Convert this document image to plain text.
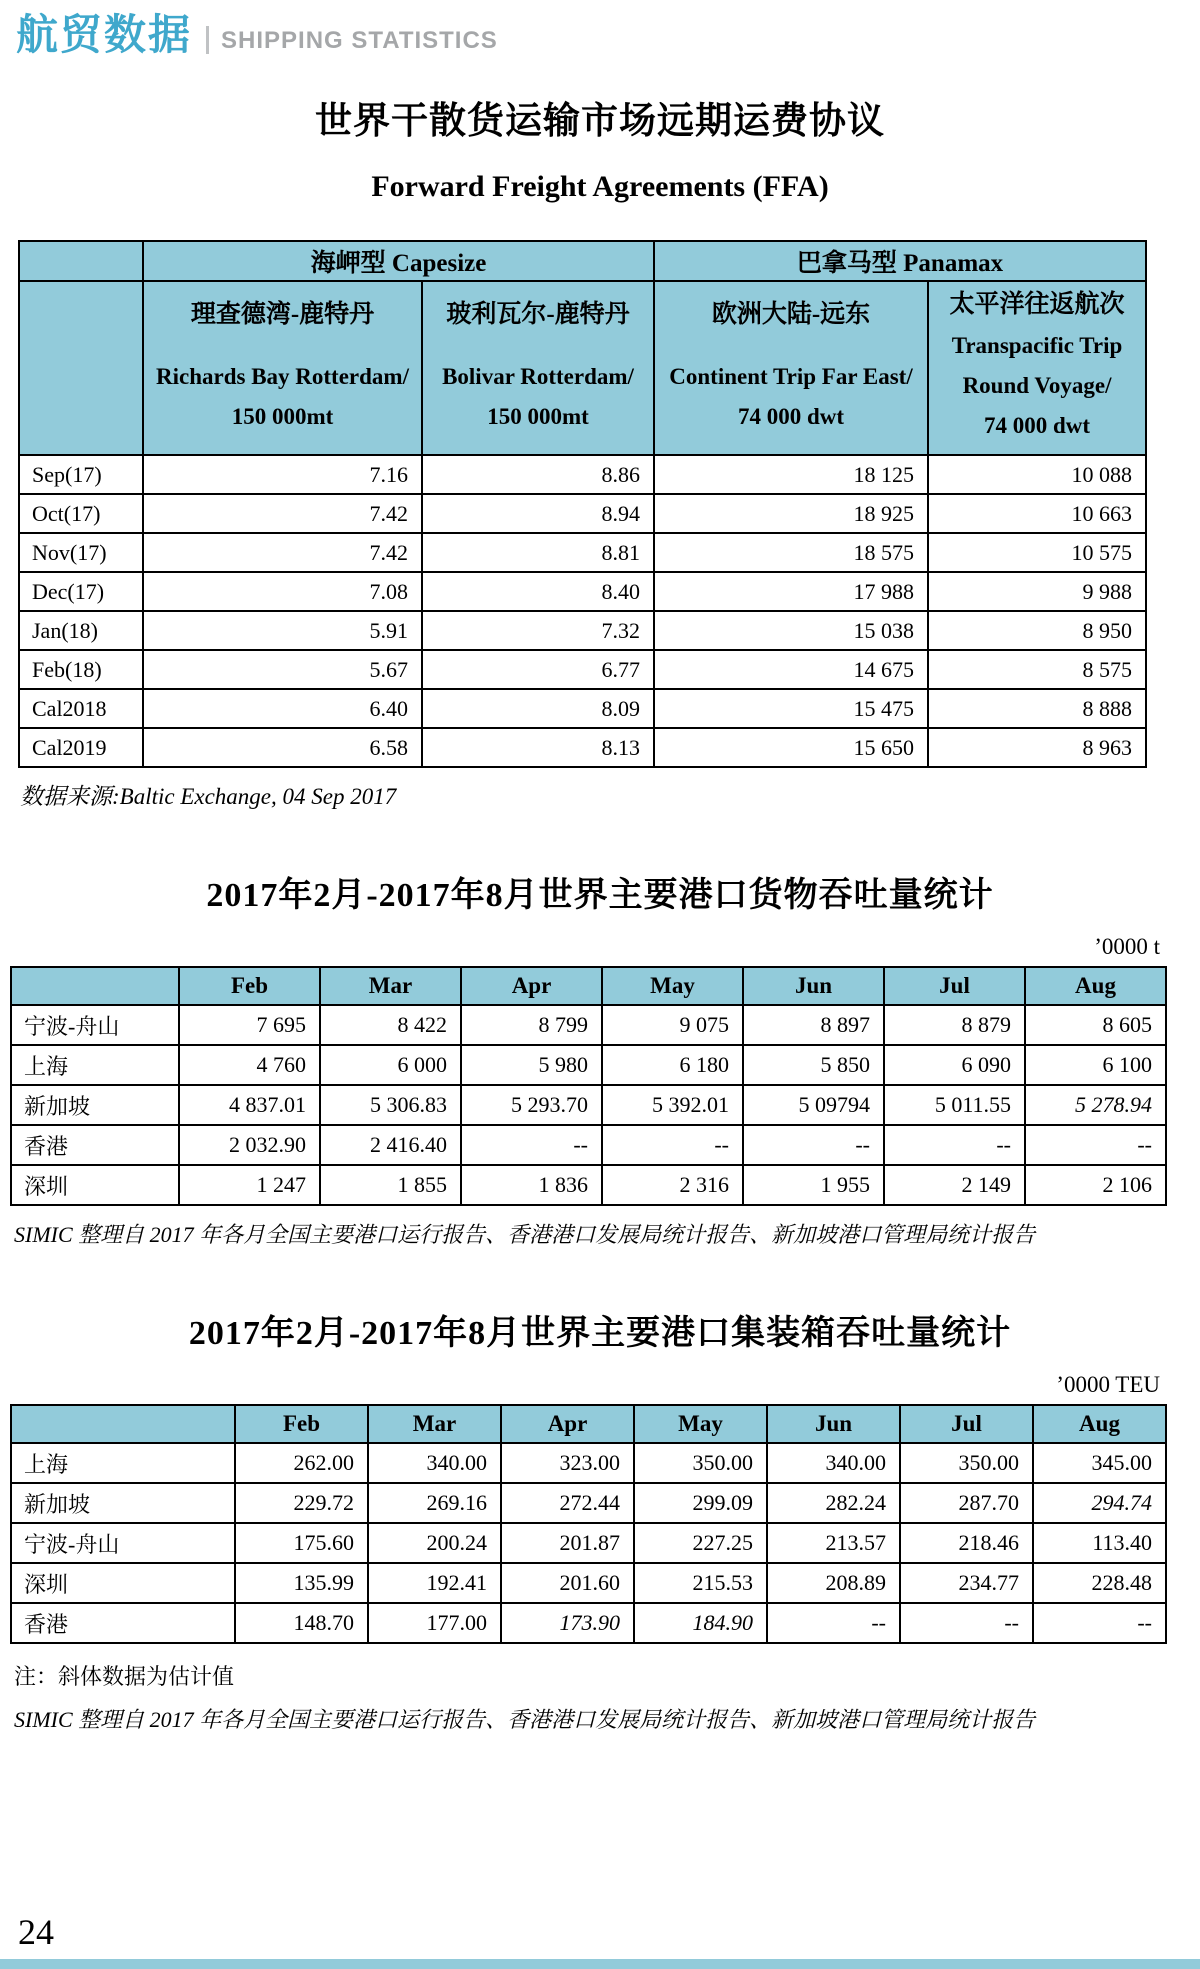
航贸数据 SHIPPING STATISTICS
世界干散货运输市场远期运费协议
Forward Freight Agreements (FFA)
	海岬型 Capesize		巴拿马型 Panamax	

理查德湾-鹿特丹
Richards Bay Rotterdam/
150 000mt

玻利瓦尔-鹿特丹
Bolivar Rotterdam/
150 000mt

欧洲大陆-远东
Continent Trip Far East/
74 000 dwt

太平洋往返航次
Transpacific Trip
Round Voyage/
74 000 dwt

Sep(17)	7.16	8.86	18 125	10 088
Oct(17)	7.42	8.94	18 925	10 663
Nov(17)	7.42	8.81	18 575	10 575
Dec(17)	7.08	8.40	17 988	9 988
Jan(18)	5.91	7.32	15 038	8 950
Feb(18)	5.67	6.77	14 675	8 575
Cal2018	6.40	8.09	15 475	8 888
Cal2019	6.58	8.13	15 650	8 963
数据来源:Baltic Exchange, 04 Sep 2017
2017年2月-2017年8月世界主要港口货物吞吐量统计
’0000 t
	Feb	Mar	Apr	May	Jun	Jul	Aug
宁波-舟山	7 695	8 422	8 799	9 075	8 897	8 879	8 605
上海	4 760	6 000	5 980	6 180	5 850	6 090	6 100
新加坡	4 837.01	5 306.83	5 293.70	5 392.01	5 09794	5 011.55	5 278.94
香港	2 032.90	2 416.40	--	--	--	--	--
深圳	1 247	1 855	1 836	2 316	1 955	2 149	2 106
SIMIC 整理自 2017 年各月全国主要港口运行报告、香港港口发展局统计报告、新加坡港口管理局统计报告
2017年2月-2017年8月世界主要港口集装箱吞吐量统计
’0000 TEU
	Feb	Mar	Apr	May	Jun	Jul	Aug
上海	262.00	340.00	323.00	350.00	340.00	350.00	345.00
新加坡	229.72	269.16	272.44	299.09	282.24	287.70	294.74
宁波-舟山	175.60	200.24	201.87	227.25	213.57	218.46	113.40
深圳	135.99	192.41	201.60	215.53	208.89	234.77	228.48
香港	148.70	177.00	173.90	184.90	--	--	--
注：斜体数据为估计值
SIMIC 整理自 2017 年各月全国主要港口运行报告、香港港口发展局统计报告、新加坡港口管理局统计报告
24
